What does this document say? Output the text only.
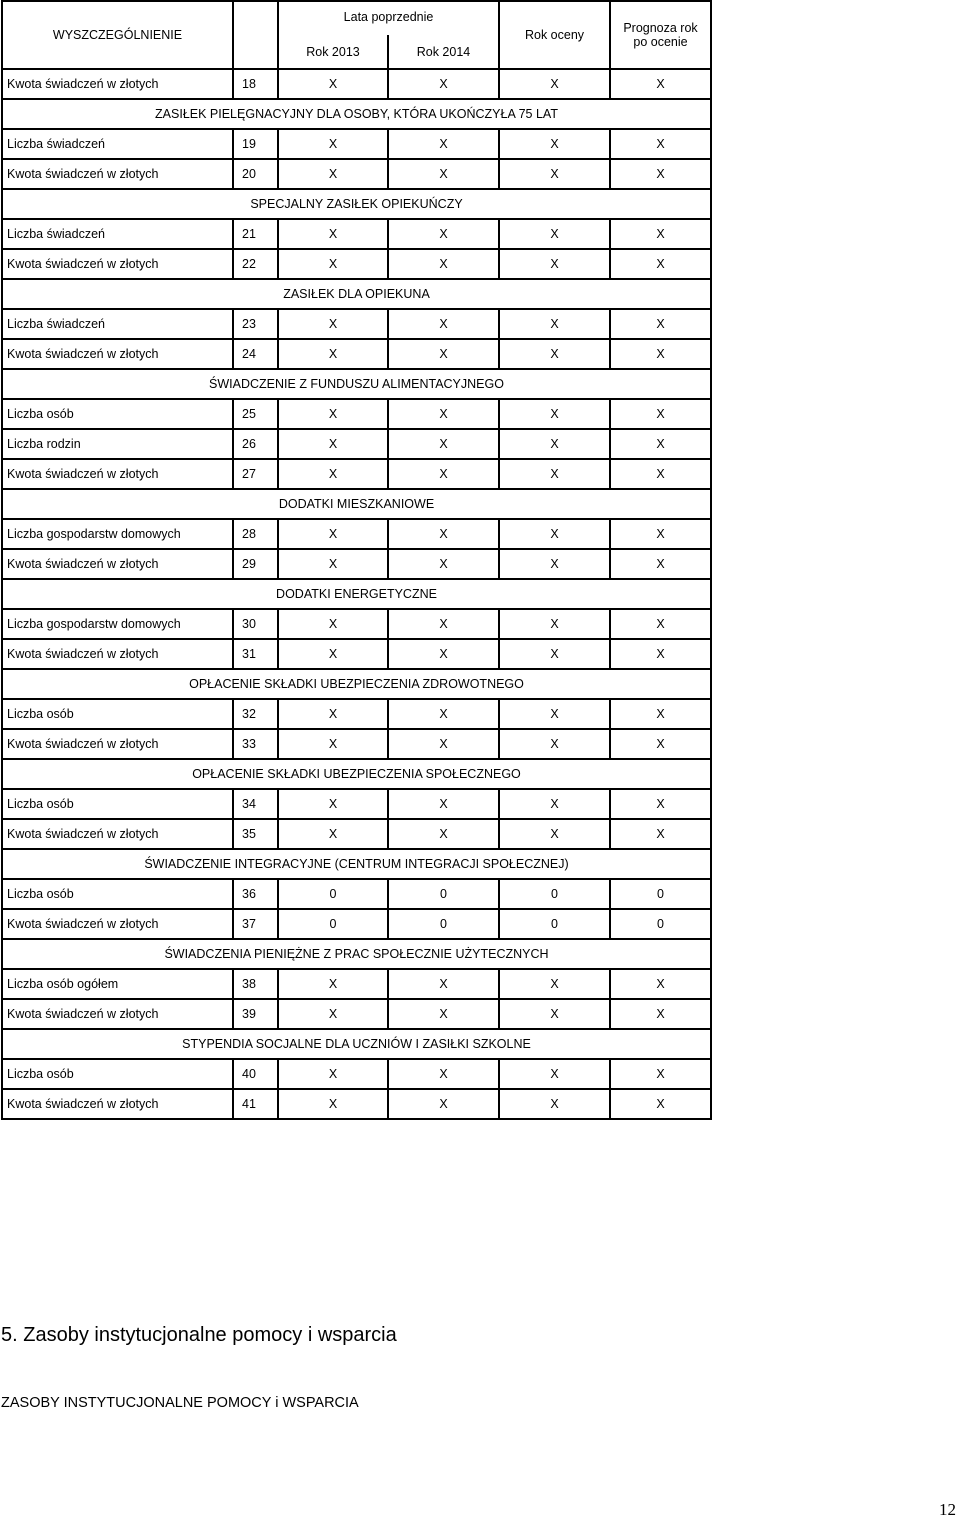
WYSZCZEGÓLNIENIE		Lata poprzednie		Rok oceny	Prognoza rok po ocenie
		Rok 2013	Rok 2014		
Kwota świadczeń w złotych	18	X	X	X	X
ZASIŁEK PIELĘGNACYJNY DLA OSOBY, KTÓRA UKOŃCZYŁA 75 LAT					
Liczba świadczeń	19	X	X	X	X
Kwota świadczeń w złotych	20	X	X	X	X
SPECJALNY ZASIŁEK OPIEKUŃCZY					
Liczba świadczeń	21	X	X	X	X
Kwota świadczeń w złotych	22	X	X	X	X
ZASIŁEK DLA OPIEKUNA					
Liczba świadczeń	23	X	X	X	X
Kwota świadczeń w złotych	24	X	X	X	X
ŚWIADCZENIE Z FUNDUSZU ALIMENTACYJNEGO					
Liczba osób	25	X	X	X	X
Liczba rodzin	26	X	X	X	X
Kwota świadczeń w złotych	27	X	X	X	X
DODATKI MIESZKANIOWE					
Liczba gospodarstw domowych	28	X	X	X	X
Kwota świadczeń w złotych	29	X	X	X	X
DODATKI ENERGETYCZNE					
Liczba gospodarstw domowych	30	X	X	X	X
Kwota świadczeń w złotych	31	X	X	X	X
OPŁACENIE SKŁADKI UBEZPIECZENIA ZDROWOTNEGO					
Liczba osób	32	X	X	X	X
Kwota świadczeń w złotych	33	X	X	X	X
OPŁACENIE SKŁADKI UBEZPIECZENIA SPOŁECZNEGO					
Liczba osób	34	X	X	X	X
Kwota świadczeń w złotych	35	X	X	X	X
ŚWIADCZENIE INTEGRACYJNE (CENTRUM INTEGRACJI SPOŁECZNEJ)					
Liczba osób	36	0	0	0	0
Kwota świadczeń w złotych	37	0	0	0	0
ŚWIADCZENIA PIENIĘŻNE Z PRAC SPOŁECZNIE UŻYTECZNYCH					
Liczba osób ogółem	38	X	X	X	X
Kwota świadczeń w złotych	39	X	X	X	X
STYPENDIA SOCJALNE DLA UCZNIÓW I ZASIŁKI SZKOLNE					
Liczba osób	40	X	X	X	X
Kwota świadczeń w złotych	41	X	X	X	X
5. Zasoby instytucjonalne pomocy i wsparcia
ZASOBY INSTYTUCJONALNE POMOCY i WSPARCIA
12
